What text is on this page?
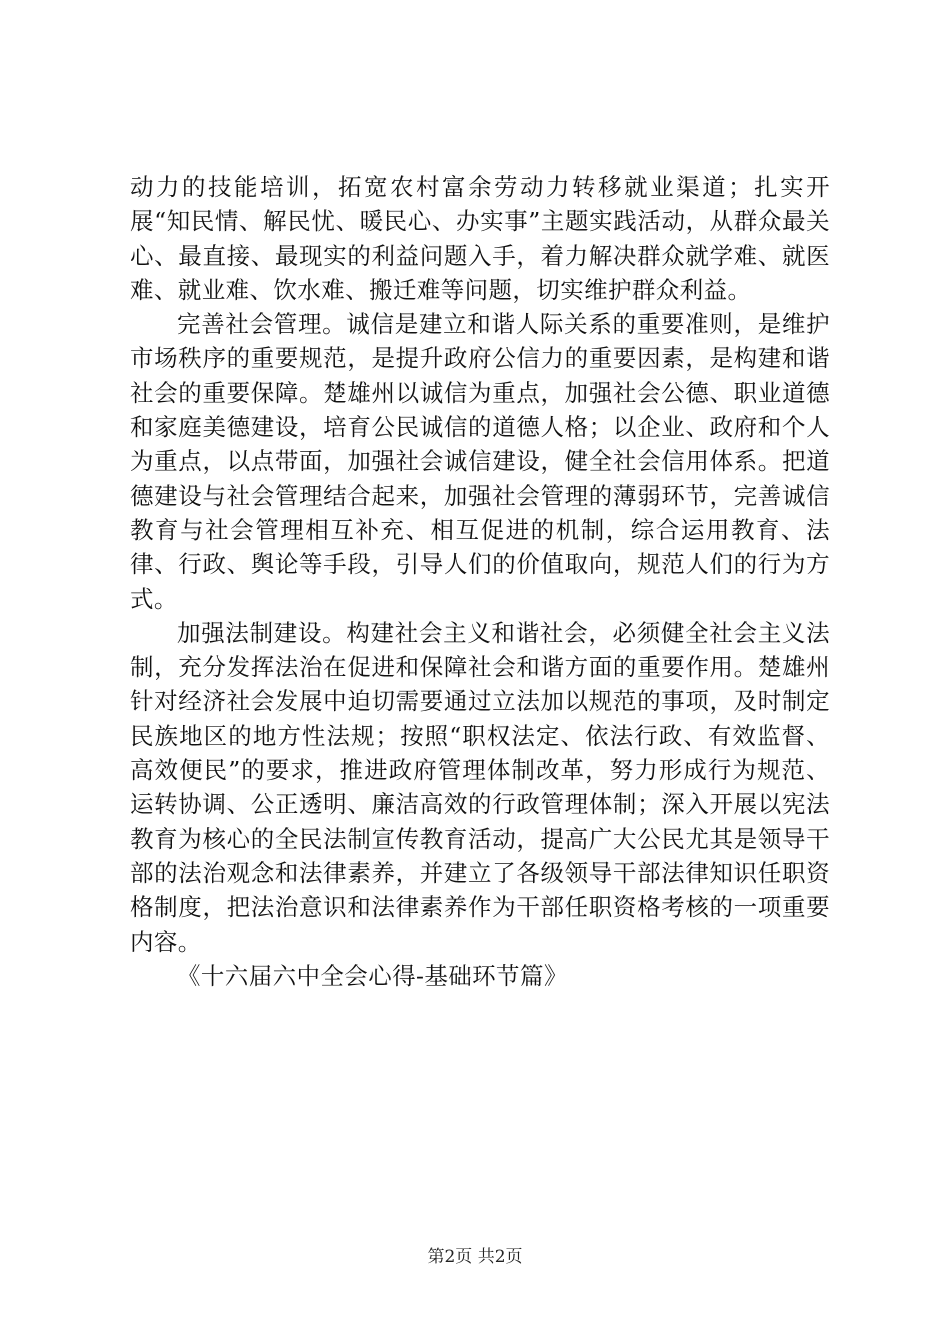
动力的技能培训，拓宽农村富余劳动力转移就业渠道；扎实开展“知民情、解民忧、暖民心、办实事”主题实践活动，从群众最关心、最直接、最现实的利益问题入手，着力解决群众就学难、就医难、就业难、饮水难、搬迁难等问题，切实维护群众利益。

完善社会管理。诚信是建立和谐人际关系的重要准则，是维护市场秩序的重要规范，是提升政府公信力的重要因素，是构建和谐社会的重要保障。楚雄州以诚信为重点，加强社会公德、职业道德和家庭美德建设，培育公民诚信的道德人格；以企业、政府和个人为重点，以点带面，加强社会诚信建设，健全社会信用体系。把道德建设与社会管理结合起来，加强社会管理的薄弱环节，完善诚信教育与社会管理相互补充、相互促进的机制，综合运用教育、法律、行政、舆论等手段，引导人们的价值取向，规范人们的行为方式。

加强法制建设。构建社会主义和谐社会，必须健全社会主义法制，充分发挥法治在促进和保障社会和谐方面的重要作用。楚雄州针对经济社会发展中迫切需要通过立法加以规范的事项，及时制定民族地区的地方性法规；按照“职权法定、依法行政、有效监督、高效便民”的要求，推进政府管理体制改革，努力形成行为规范、运转协调、公正透明、廉洁高效的行政管理体制；深入开展以宪法教育为核心的全民法制宣传教育活动，提高广大公民尤其是领导干部的法治观念和法律素养，并建立了各级领导干部法律知识任职资格制度，把法治意识和法律素养作为干部任职资格考核的一项重要内容。

《十六届六中全会心得-基础环节篇》

第2页 共2页
